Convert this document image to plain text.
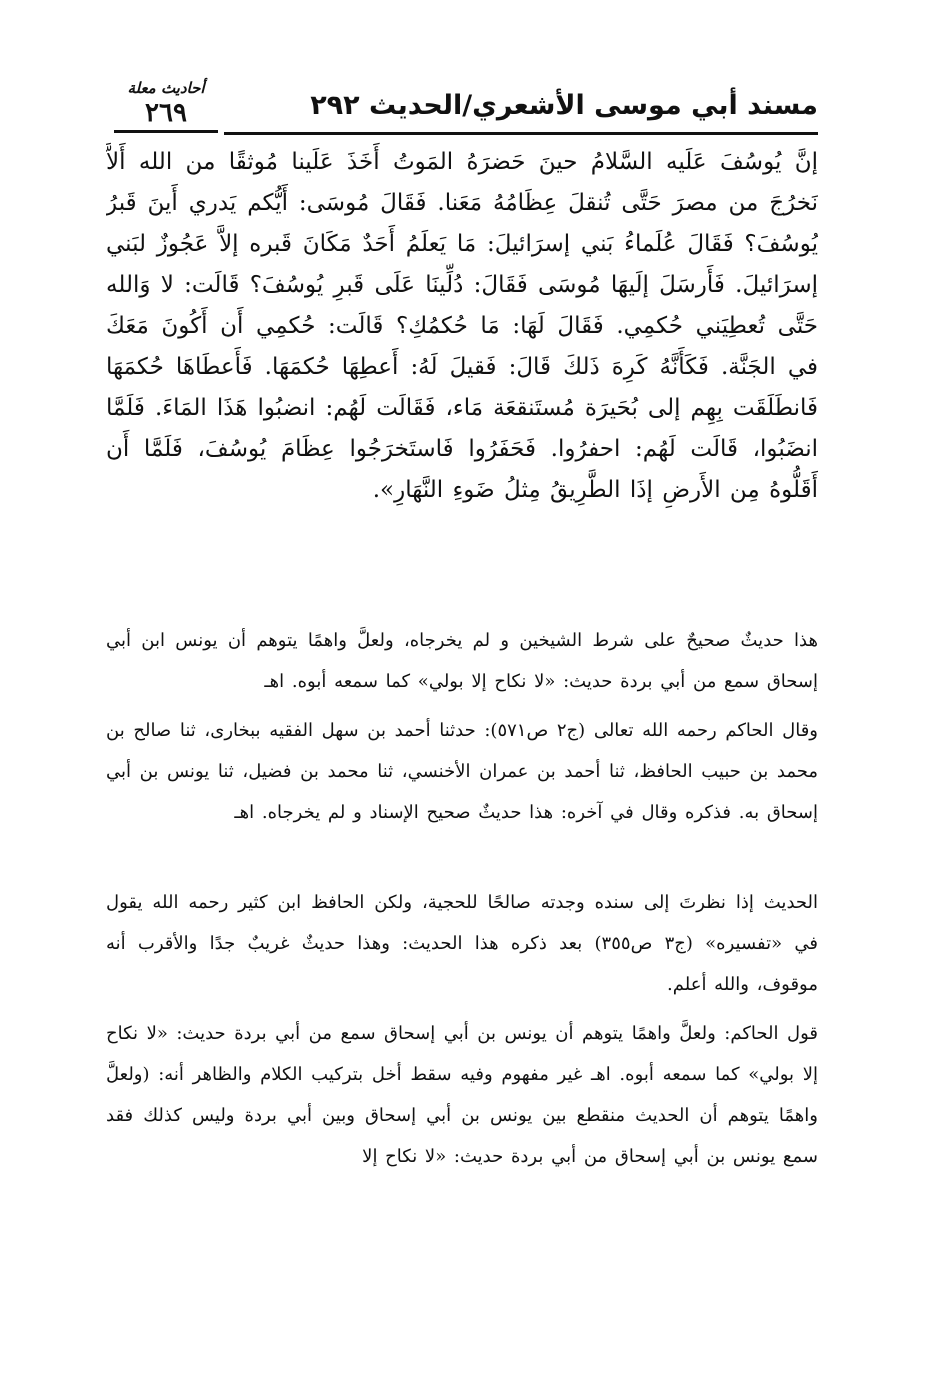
مسند أبي موسى الأشعري/الحديث ٢٩٢
أحاديث معلة
٢٦٩

إنَّ يُوسُفَ عَلَيه السَّلامُ حينَ حَضرَهُ المَوتُ أَخَذَ عَلَينا مُوثقًا من الله أَلاَّ نَخرُجَ من مصرَ حَتَّى تُنقلَ عِظَامُهُ مَعَنا. فَقَالَ مُوسَى: أَيُّكم يَدري أَينَ قَبرُ يُوسُفَ؟ فَقَالَ عُلَماءُ بَني إسرَائيلَ: مَا يَعلَمُ أَحَدٌ مَكَانَ قَبره إلاَّ عَجُوزٌ لبَني إسرَائيلَ. فَأَرسَلَ إلَيهَا مُوسَى فَقَالَ: دُلِّينَا عَلَى قَبرِ يُوسُفَ؟ قَالَت: لا وَالله حَتَّى تُعطِيَني حُكمِي. فَقَالَ لَهَا: مَا حُكمُكِ؟ قَالَت: حُكمِي أَن أَكُونَ مَعَكَ في الجَنَّة. فَكَأَنَّهُ كَرِهَ ذَلكَ قَالَ: فَقيلَ لَهُ: أَعطِهَا حُكمَهَا. فَأَعطَاهَا حُكمَهَا فَانطَلَقَت بِهِم إلى بُحَيرَة مُستَنقعَة مَاء، فَقَالَت لَهُم: انضبُوا هَذَا المَاءَ. فَلَمَّا انضَبُوا، قَالَت لَهُم: احفرُوا. فَحَفَرُوا فَاستَخرَجُوا عِظَامَ يُوسُفَ، فَلَمَّا أَن أَقَلُّوهُ مِن الأَرضِ إذَا الطَّرِيقُ مِثلُ ضَوءِ النَّهَارِ».

هذا حديثٌ صحيحٌ على شرط الشيخين و لم يخرجاه، ولعلَّ واهمًا يتوهم أن يونس ابن أبي إسحاق سمع من أبي بردة حديث: «لا نكاح إلا بولي» كما سمعه أبوه. اهـ

وقال الحاكم رحمه الله تعالى (ج٢ ص٥٧١): حدثنا أحمد بن سهل الفقيه ببخارى، ثنا صالح بن محمد بن حبيب الحافظ، ثنا أحمد بن عمران الأخنسي، ثنا محمد بن فضيل، ثنا يونس بن أبي إسحاق به. فذكره وقال في آخره: هذا حديثٌ صحيح الإسناد و لم يخرجاه. اهـ

الحديث إذا نظرتَ إلى سنده وجدته صالحًا للحجية، ولكن الحافظ ابن كثير رحمه الله يقول في «تفسيره» (ج٣ ص٣٥٥) بعد ذكره هذا الحديث: وهذا حديثٌ غريبٌ جدًا والأقرب أنه موقوف، والله أعلم.

قول الحاكم: ولعلَّ واهمًا يتوهم أن يونس بن أبي إسحاق سمع من أبي بردة حديث: «لا نكاح إلا بولي» كما سمعه أبوه. اهـ غير مفهوم وفيه سقط أخل بتركيب الكلام والظاهر أنه: (ولعلَّ واهمًا يتوهم أن الحديث منقطع بين يونس بن أبي إسحاق وبين أبي بردة وليس كذلك فقد سمع يونس بن أبي إسحاق من أبي بردة حديث: «لا نكاح إلا
